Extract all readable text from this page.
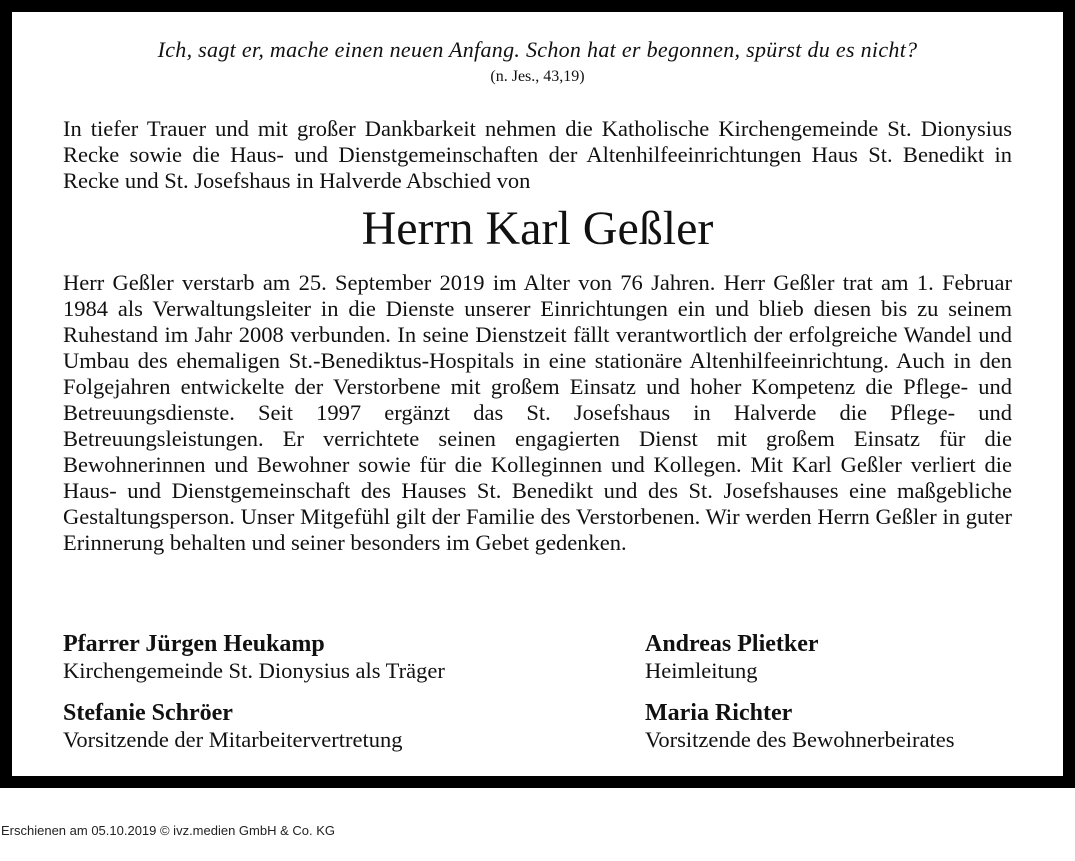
Ich, sagt er, mache einen neuen Anfang. Schon hat er begonnen, spürst du es nicht?
(n. Jes., 43,19)
In tiefer Trauer und mit großer Dankbarkeit nehmen die Katholische Kirchengemeinde St. Dionysius Recke sowie die Haus- und Dienstgemeinschaften der Altenhilfeeinrichtungen Haus St. Benedikt in Recke und St. Josefshaus in Halverde Abschied von
Herrn Karl Geßler
Herr Geßler verstarb am 25. September 2019 im Alter von 76 Jahren. Herr Geßler trat am 1. Februar 1984 als Verwaltungsleiter in die Dienste unserer Einrichtungen ein und blieb diesen bis zu seinem Ruhestand im Jahr 2008 verbunden. In seine Dienstzeit fällt verantwortlich der erfolgreiche Wandel und Umbau des ehemaligen St.-Benediktus-Hospitals in eine stationäre Altenhilfeeinrichtung. Auch in den Folgejahren entwickelte der Verstorbene mit großem Einsatz und hoher Kompetenz die Pflege- und Betreuungsdienste. Seit 1997 ergänzt das St. Josefshaus in Halverde die Pflege- und Betreuungsleistungen. Er verrichtete seinen engagierten Dienst mit großem Einsatz für die Bewohnerinnen und Bewohner sowie für die Kolleginnen und Kollegen. Mit Karl Geßler verliert die Haus- und Dienstgemeinschaft des Hauses St. Benedikt und des St. Josefshauses eine maßgebliche Gestaltungsperson. Unser Mitgefühl gilt der Familie des Verstorbenen. Wir werden Herrn Geßler in guter Erinnerung behalten und seiner besonders im Gebet gedenken.
Pfarrer Jürgen Heukamp
Kirchengemeinde St. Dionysius als Träger
Andreas Plietker
Heimleitung
Stefanie Schröer
Vorsitzende der Mitarbeitervertretung
Maria Richter
Vorsitzende des Bewohnerbeirates
Erschienen am 05.10.2019 © ivz.medien GmbH & Co. KG
